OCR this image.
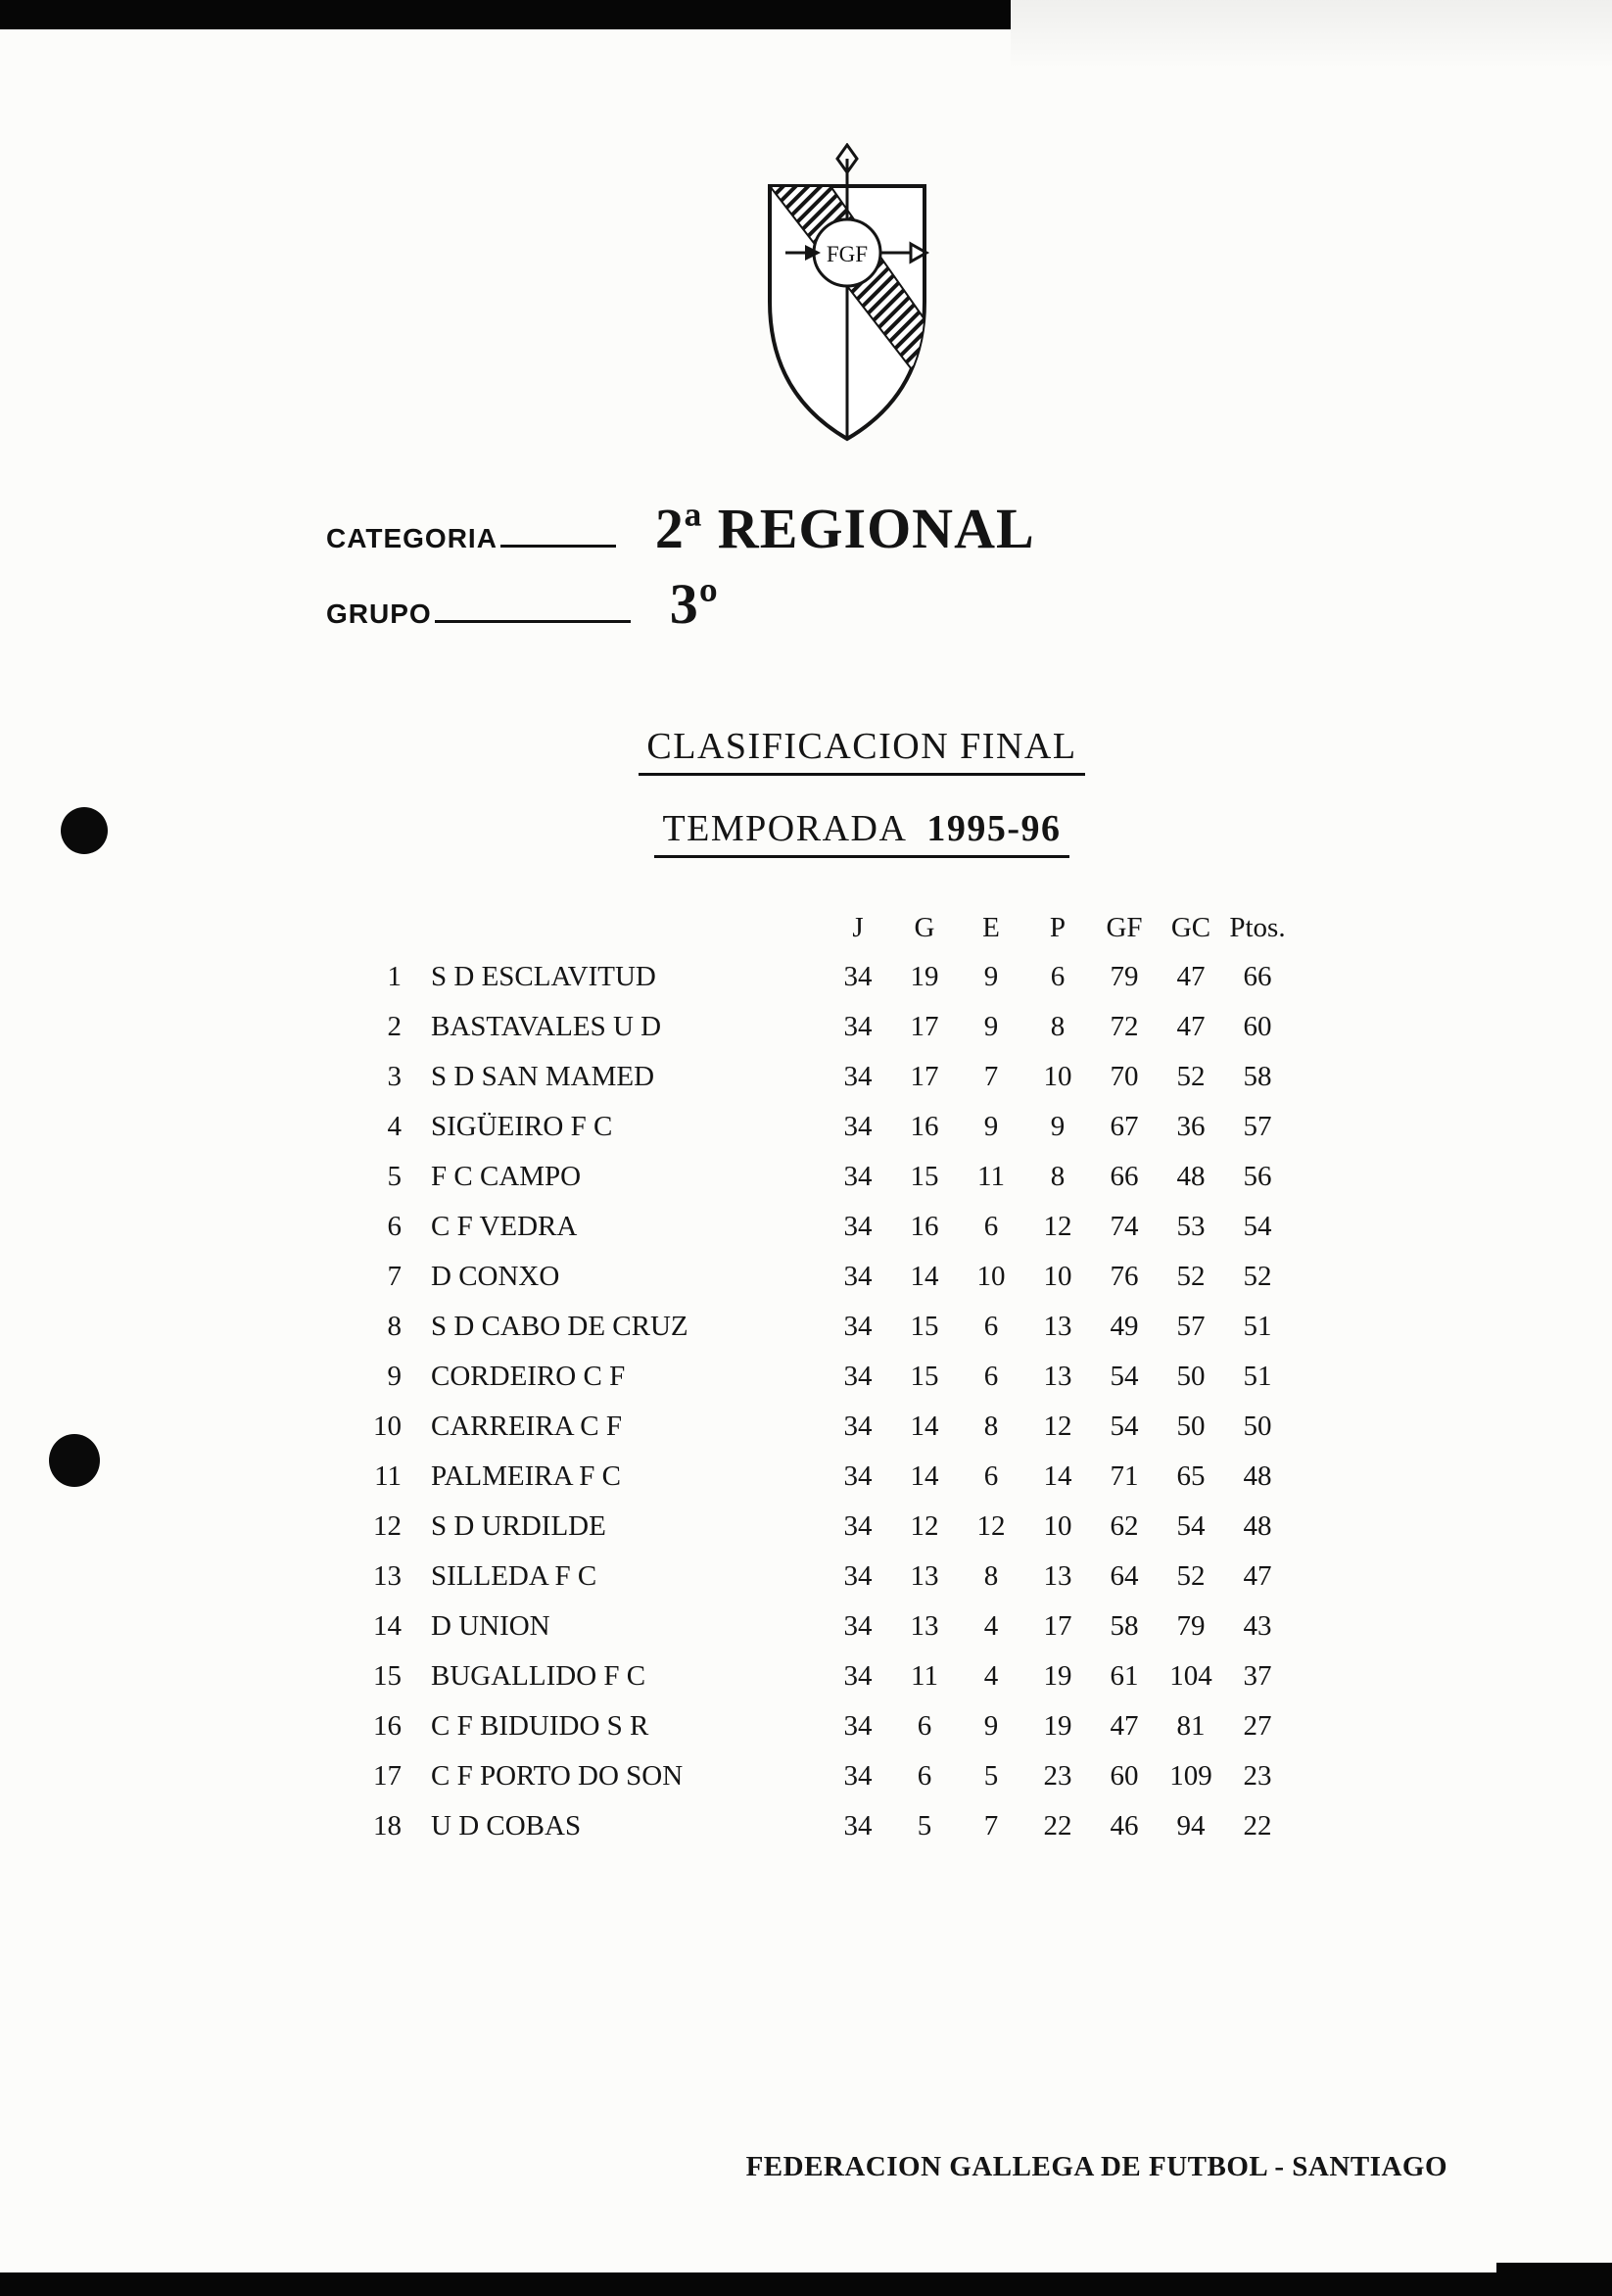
FGF
CATEGORIA	2ª REGIONAL
GRUPO	3º
CLASIFICACION FINAL
TEMPORADA 1995-96
		J	G	E	P	GF	GC	Ptos.
1	S D ESCLAVITUD	34	19	9	6	79	47	66
2	BASTAVALES U D	34	17	9	8	72	47	60
3	S D SAN MAMED	34	17	7	10	70	52	58
4	SIGÜEIRO F C	34	16	9	9	67	36	57
5	F C CAMPO	34	15	11	8	66	48	56
6	C F VEDRA	34	16	6	12	74	53	54
7	D CONXO	34	14	10	10	76	52	52
8	S D CABO DE CRUZ	34	15	6	13	49	57	51
9	CORDEIRO C F	34	15	6	13	54	50	51
10	CARREIRA C F	34	14	8	12	54	50	50
11	PALMEIRA F C	34	14	6	14	71	65	48
12	S D URDILDE	34	12	12	10	62	54	48
13	SILLEDA F C	34	13	8	13	64	52	47
14	D UNION	34	13	4	17	58	79	43
15	BUGALLIDO F C	34	11	4	19	61	104	37
16	C F BIDUIDO S R	34	6	9	19	47	81	27
17	C F PORTO DO SON	34	6	5	23	60	109	23
18	U D COBAS	34	5	7	22	46	94	22
FEDERACION GALLEGA DE FUTBOL - SANTIAGO
